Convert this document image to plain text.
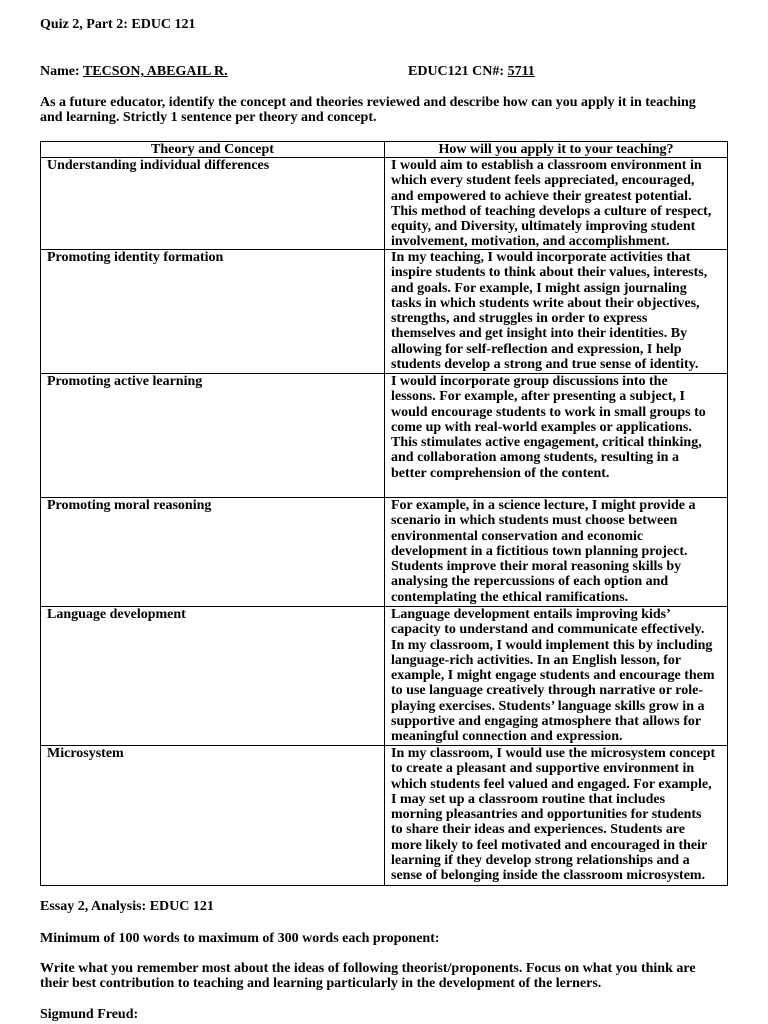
Quiz 2, Part 2: EDUC 121
Name: TECSON, ABEGAIL R.	EDUC121 CN#: 5711
As a future educator, identify the concept and theories reviewed and describe how can you apply it in teaching
and learning. Strictly 1 sentence per theory and concept.
Theory and Concept	How will you apply it to your teaching?
Understanding individual differences	I would aim to establish a classroom environment in
which every student feels appreciated, encouraged,
and empowered to achieve their greatest potential.
This method of teaching develops a culture of respect,
equity, and Diversity, ultimately improving student
involvement, motivation, and accomplishment.
Promoting identity formation	In my teaching, I would incorporate activities that
inspire students to think about their values, interests,
and goals. For example, I might assign journaling
tasks in which students write about their objectives,
strengths, and struggles in order to express
themselves and get insight into their identities. By
allowing for self-reflection and expression, I help
students develop a strong and true sense of identity.
Promoting active learning	I would incorporate group discussions into the
lessons. For example, after presenting a subject, I
would encourage students to work in small groups to
come up with real-world examples or applications.
This stimulates active engagement, critical thinking,
and collaboration among students, resulting in a
better comprehension of the content.
Promoting moral reasoning	For example, in a science lecture, I might provide a
scenario in which students must choose between
environmental conservation and economic
development in a fictitious town planning project.
Students improve their moral reasoning skills by
analysing the repercussions of each option and
contemplating the ethical ramifications.
Language development	Language development entails improving kids’
capacity to understand and communicate effectively.
In my classroom, I would implement this by including
language-rich activities. In an English lesson, for
example, I might engage students and encourage them
to use language creatively through narrative or role-
playing exercises. Students’ language skills grow in a
supportive and engaging atmosphere that allows for
meaningful connection and expression.
Microsystem	In my classroom, I would use the microsystem concept
to create a pleasant and supportive environment in
which students feel valued and engaged. For example,
I may set up a classroom routine that includes
morning pleasantries and opportunities for students
to share their ideas and experiences. Students are
more likely to feel motivated and encouraged in their
learning if they develop strong relationships and a
sense of belonging inside the classroom microsystem.
Essay 2, Analysis: EDUC 121
Minimum of 100 words to maximum of 300 words each proponent:
Write what you remember most about the ideas of following theorist/proponents. Focus on what you think are
their best contribution to teaching and learning particularly in the development of the lerners.
Sigmund Freud:
